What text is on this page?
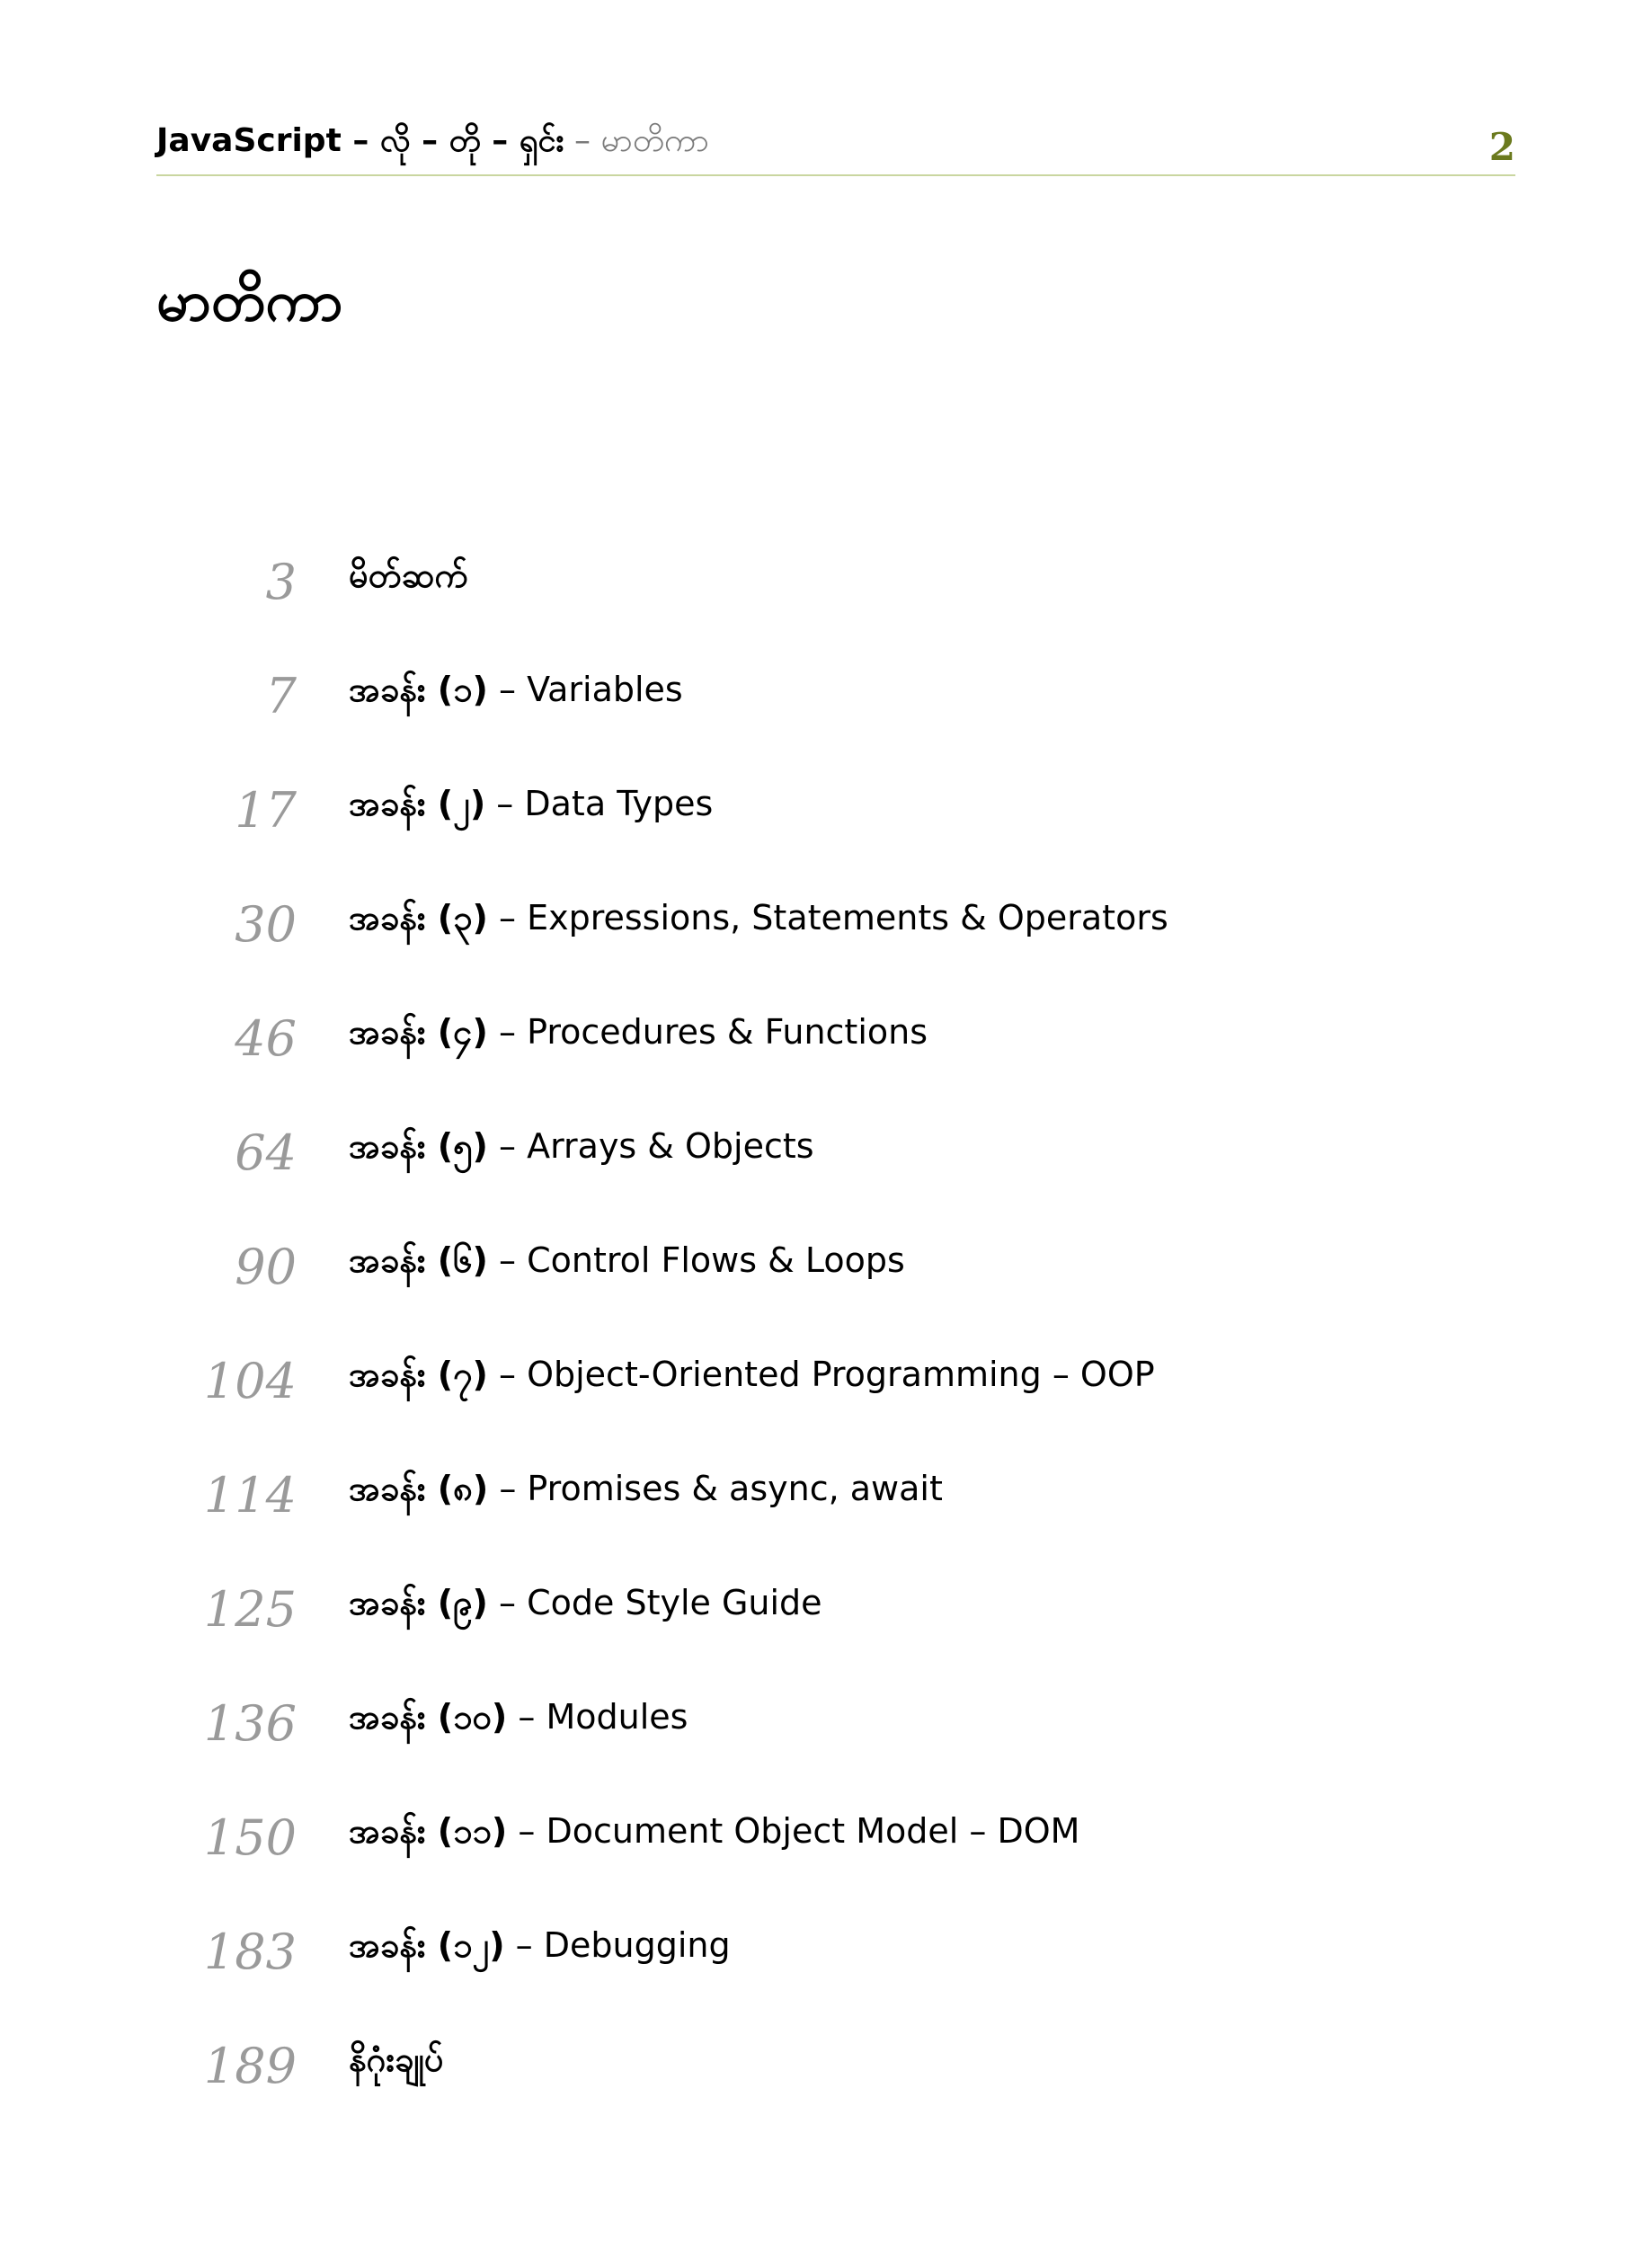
JavaScript – လို – တို – ရှင်း – မာတိကာ	2
မာတိကာ
3 မိတ်ဆက်
7 အခန်း (၁) – Variables
17 အခန်း (၂) – Data Types
30 အခန်း (၃) – Expressions, Statements & Operators
46 အခန်း (၄) – Procedures & Functions
64 အခန်း (၅) – Arrays & Objects
90 အခန်း (၆) – Control Flows & Loops
104 အခန်း (၇) – Object-Oriented Programming – OOP
114 အခန်း (၈) – Promises & async, await
125 အခန်း (၉) – Code Style Guide
136 အခန်း (၁၀) – Modules
150 အခန်း (၁၁) – Document Object Model – DOM
183 အခန်း (၁၂) – Debugging
189 နိဂုံးချုပ်
